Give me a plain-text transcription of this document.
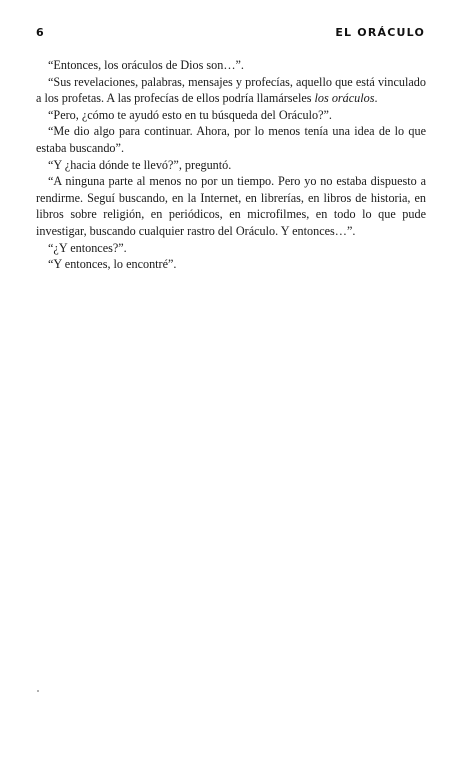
6	EL ORÁCULO

“Entonces, los oráculos de Dios son…”.

“Sus revelaciones, palabras, mensajes y profecías, aquello que está vinculado a los profetas. A las profecías de ellos podría llamárseles los oráculos.

“Pero, ¿cómo te ayudó esto en tu búsqueda del Oráculo?”.

“Me dio algo para continuar. Ahora, por lo menos tenía una idea de lo que estaba buscando”.

“Y ¿hacia dónde te llevó?”, preguntó.

“A ninguna parte al menos no por un tiempo. Pero yo no estaba dispuesto a rendirme. Seguí buscando, en la Internet, en librerías, en libros de historia, en libros sobre religión, en periódicos, en microfilmes, en todo lo que pude investigar, buscando cualquier rastro del Oráculo. Y entonces…”.

“¿Y entonces?”.

“Y entonces, lo encontré”.
